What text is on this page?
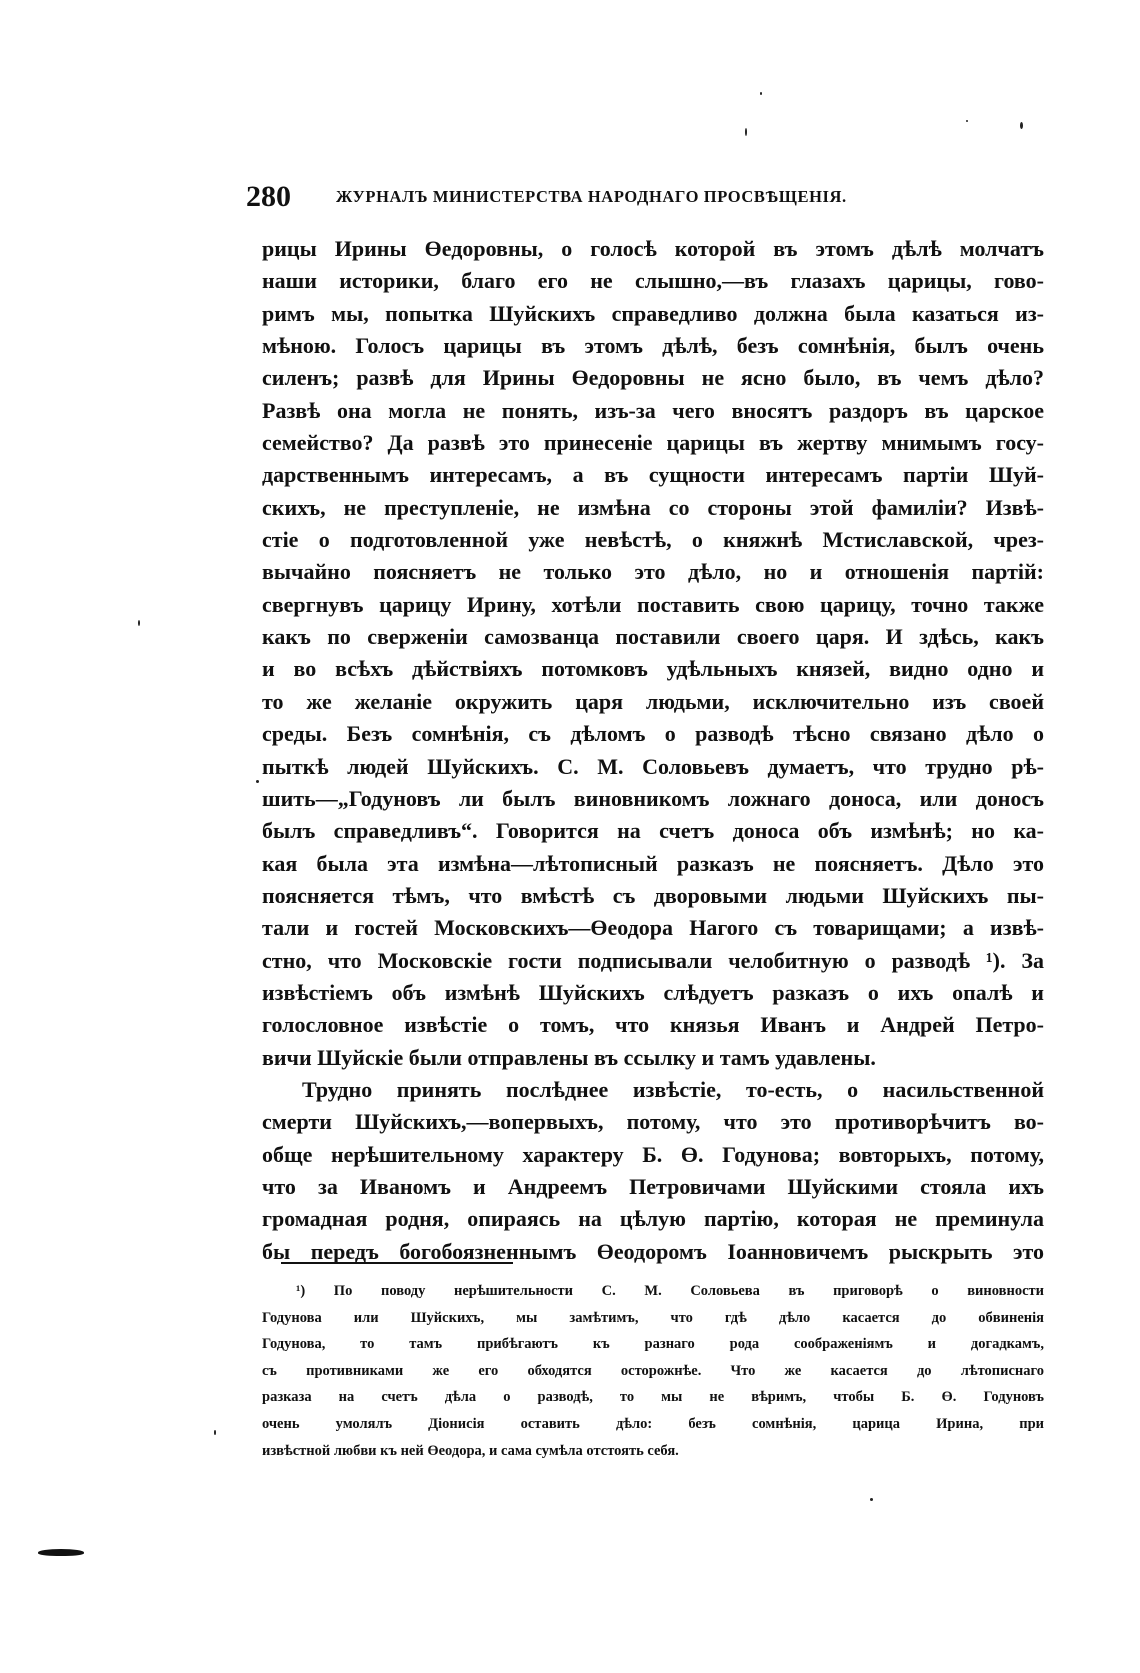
280	ЖУРНАЛЪ МИНИСТЕРСТВА НАРОДНАГО ПРОСВѢЩЕНІЯ.
рицы Ирины Өедоровны, о голосѣ которой въ этомъ дѣлѣ молчатъ
наши историки, благо его не слышно,—въ глазахъ царицы, гово-
римъ мы, попытка Шуйскихъ справедливо должна была казаться из-
мѣною. Голосъ царицы въ этомъ дѣлѣ, безъ сомнѣнія, былъ очень
силенъ; развѣ для Ирины Өедоровны не ясно было, въ чемъ дѣло?
Развѣ она могла не понять, изъ-за чего вносятъ раздоръ въ царское
семейство? Да развѣ это принесеніе царицы въ жертву мнимымъ госу-
дарственнымъ интересамъ, а въ сущности интересамъ партіи Шуй-
скихъ, не преступленіе, не измѣна со стороны этой фамиліи? Извѣ-
стіе о подготовленной уже невѣстѣ, о княжнѣ Мстиславской, чрез-
вычайно поясняетъ не только это дѣло, но и отношенія партій:
свергнувъ царицу Ирину, хотѣли поставить свою царицу, точно также
какъ по сверженіи самозванца поставили своего царя. И здѣсь, какъ
и во всѣхъ дѣйствіяхъ потомковъ удѣльныхъ князей, видно одно и
то же желаніе окружить царя людьми, исключительно изъ своей
среды. Безъ сомнѣнія, съ дѣломъ о разводѣ тѣсно связано дѣло о
пыткѣ людей Шуйскихъ. С. М. Соловьевъ думаетъ, что трудно рѣ-
шить—„Годуновъ ли былъ виновникомъ ложнаго доноса, или доносъ
былъ справедливъ“. Говорится на счетъ доноса объ измѣнѣ; но ка-
кая была эта измѣна—лѣтописный разказъ не поясняетъ. Дѣло это
поясняется тѣмъ, что вмѣстѣ съ дворовыми людьми Шуйскихъ пы-
тали и гостей Московскихъ—Өеодора Нагого съ товарищами; а извѣ-
стно, что Московскіе гости подписывали челобитную о разводѣ ¹). За
извѣстіемъ объ измѣнѣ Шуйскихъ слѣдуетъ разказъ о ихъ опалѣ и
голословное извѣстіе о томъ, что князья Иванъ и Андрей Петро-
вичи Шуйскіе были отправлены въ ссылку и тамъ удавлены.
Трудно принять послѣднее извѣстіе, то-есть, о насильственной
смерти Шуйскихъ,—вопервыхъ, потому, что это противорѣчитъ во-
обще нерѣшительному характеру Б. Ө. Годунова; вовторыхъ, потому,
что за Иваномъ и Андреемъ Петровичами Шуйскими стояла ихъ
громадная родня, опираясь на цѣлую партію, которая не преминула
бы передъ богобоязненнымъ Өеодоромъ Іоанновичемъ рыскрыть это
¹) По поводу нерѣшительности С. М. Соловьева въ приговорѣ о виновности
Годунова или Шуйскихъ, мы замѣтимъ, что гдѣ дѣло касается до обвиненія
Годунова, то тамъ прибѣгаютъ къ разнаго рода соображеніямъ и догадкамъ,
съ противниками же его обходятся осторожнѣе. Что же касается до лѣтописнаго
разказа на счетъ дѣла о разводѣ, то мы не вѣримъ, чтобы Б. Ө. Годуновъ
очень умолялъ Діонисія оставить дѣло: безъ сомнѣнія, царица Ирина, при
извѣстной любви къ ней Өеодора, и сама сумѣла отстоять себя.
